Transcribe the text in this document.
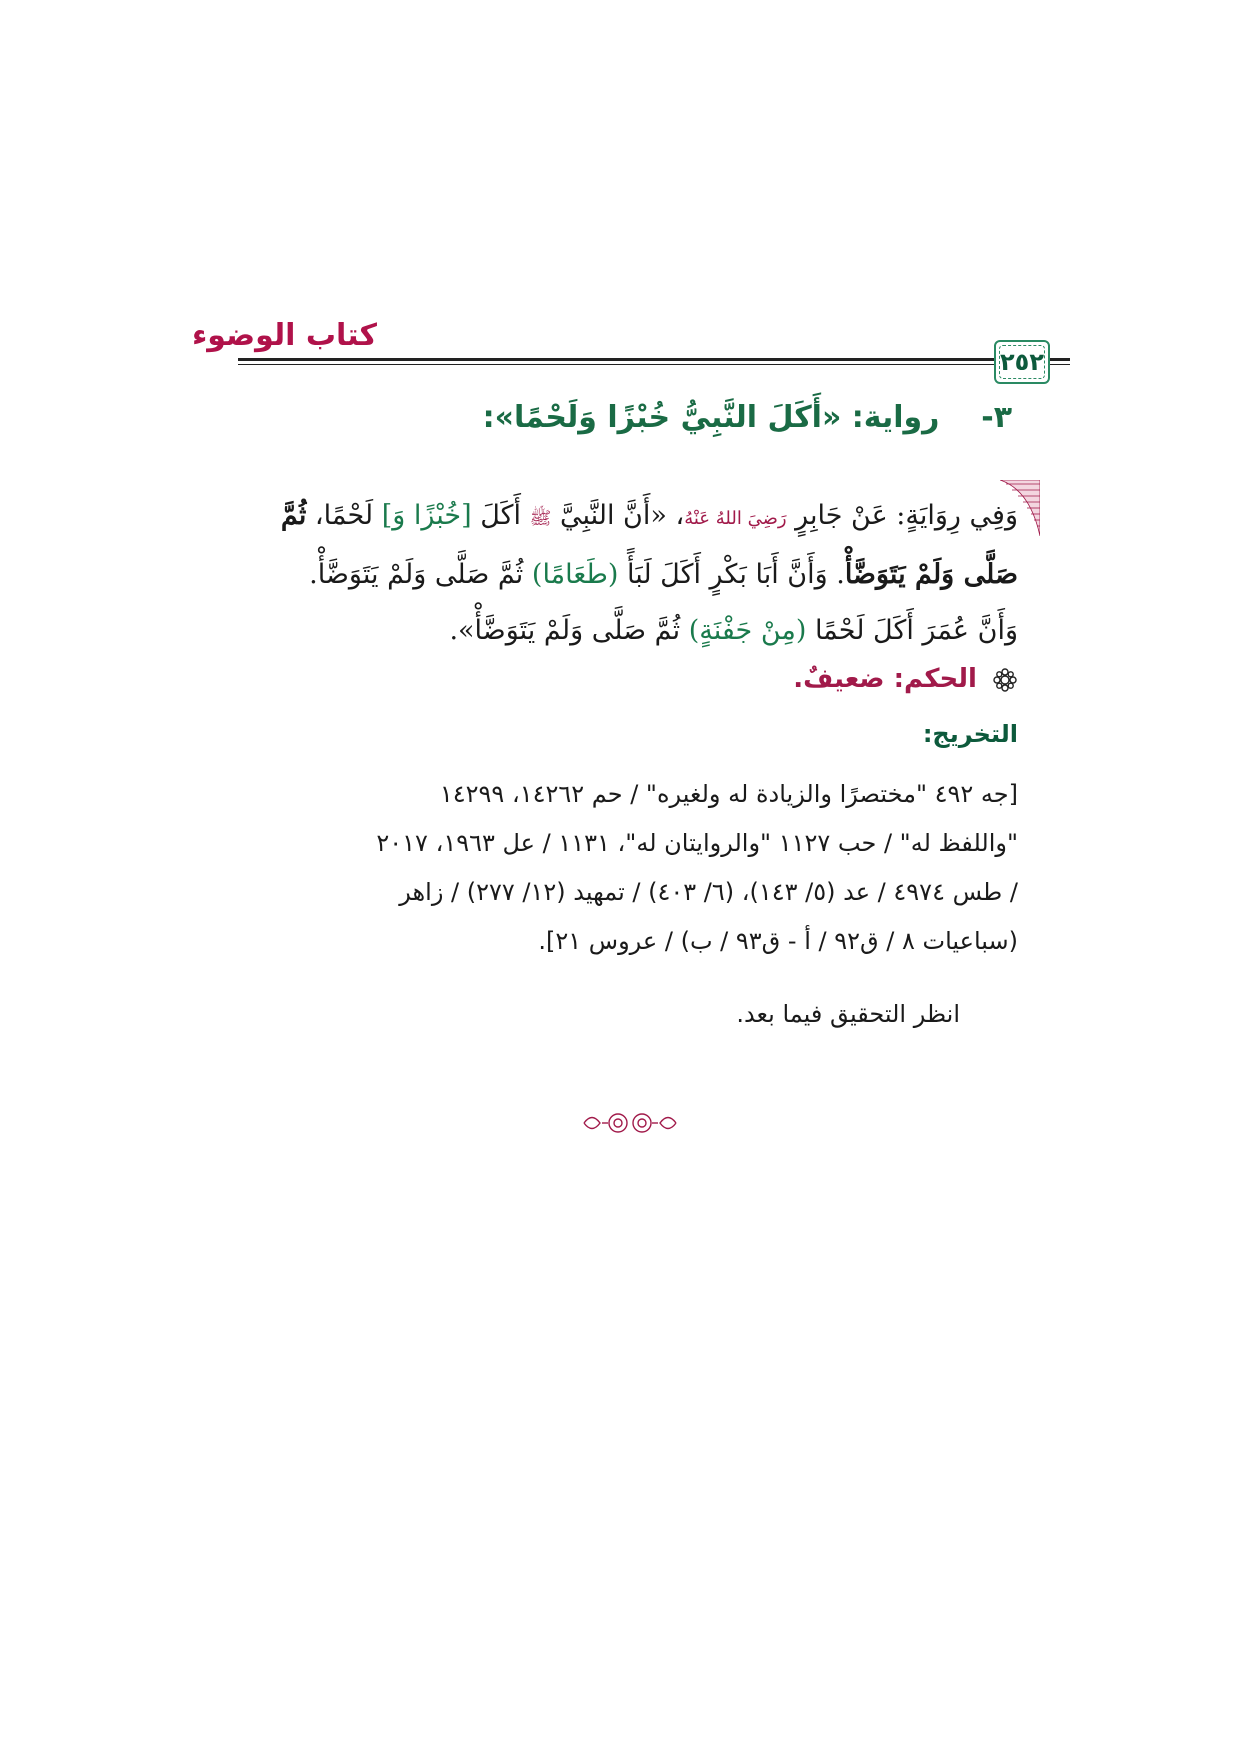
كتاب الوضوء
٢٥٢
٣-    رواية: «أَكَلَ النَّبِيُّ خُبْزًا وَلَحْمًا»:
وَفِي رِوَايَةٍ: عَنْ جَابِرٍ رَضِيَ اللهُ عَنْهُ، «أَنَّ النَّبِيَّ ﷺ أَكَلَ [خُبْزًا وَ] لَحْمًا، ثُمَّ
صَلَّى وَلَمْ يَتَوَضَّأْ. وَأَنَّ أَبَا بَكْرٍ أَكَلَ لَبَأً (طَعَامًا) ثُمَّ صَلَّى وَلَمْ يَتَوَضَّأْ.
وَأَنَّ عُمَرَ أَكَلَ لَحْمًا (مِنْ جَفْنَةٍ) ثُمَّ صَلَّى وَلَمْ يَتَوَضَّأْ».
الحكم: ضعيفٌ.
التخريج:
[جه ٤٩٢ "مختصرًا والزيادة له ولغيره" / حم ١٤٢٦٢، ١٤٢٩٩
"واللفظ له" / حب ١١٢٧ "والروايتان له"، ١١٣١ / عل ١٩٦٣، ٢٠١٧
/ طس ٤٩٧٤ / عد (٥/ ١٤٣)، (٦/ ٤٠٣) / تمهيد (١٢/ ٢٧٧) / زاهر
(سباعيات ٨ / ق٩٢ / أ - ق٩٣ / ب) / عروس ٢١].
انظر التحقيق فيما بعد.
